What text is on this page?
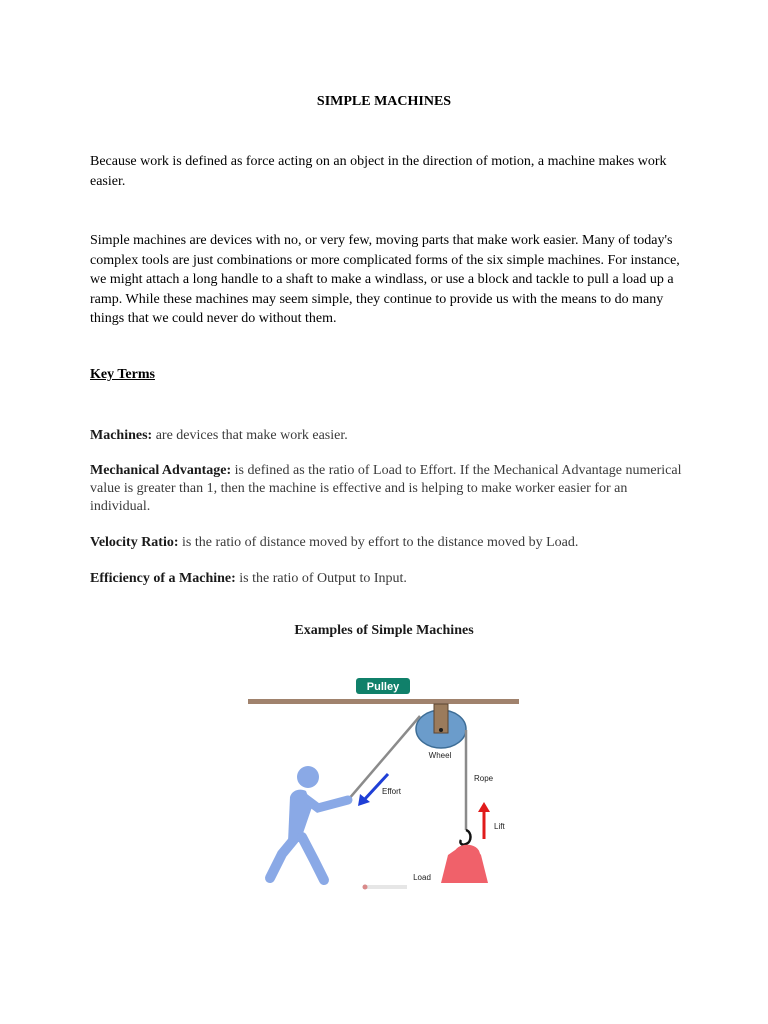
SIMPLE MACHINES

Because work is defined as force acting on an object in the direction of motion, a machine makes work easier.

Simple machines are devices with no, or very few, moving parts that make work easier. Many of today's complex tools are just combinations or more complicated forms of the six simple machines. For instance, we might attach a long handle to a shaft to make a windlass, or use a block and tackle to pull a load up a ramp. While these machines may seem simple, they continue to provide us with the means to do many things that we could never do without them.

Key Terms

Machines: are devices that make work easier.

Mechanical Advantage: is defined as the ratio of Load to Effort. If the Mechanical Advantage numerical value is greater than 1, then the machine is effective and is helping to make worker easier for an individual.

Velocity Ratio: is the ratio of distance moved by effort to the distance moved by Load.

Efficiency of a Machine: is the ratio of Output to Input.

Examples of Simple Machines
Pulley
Wheel
Rope
Load
Lift
Effort
